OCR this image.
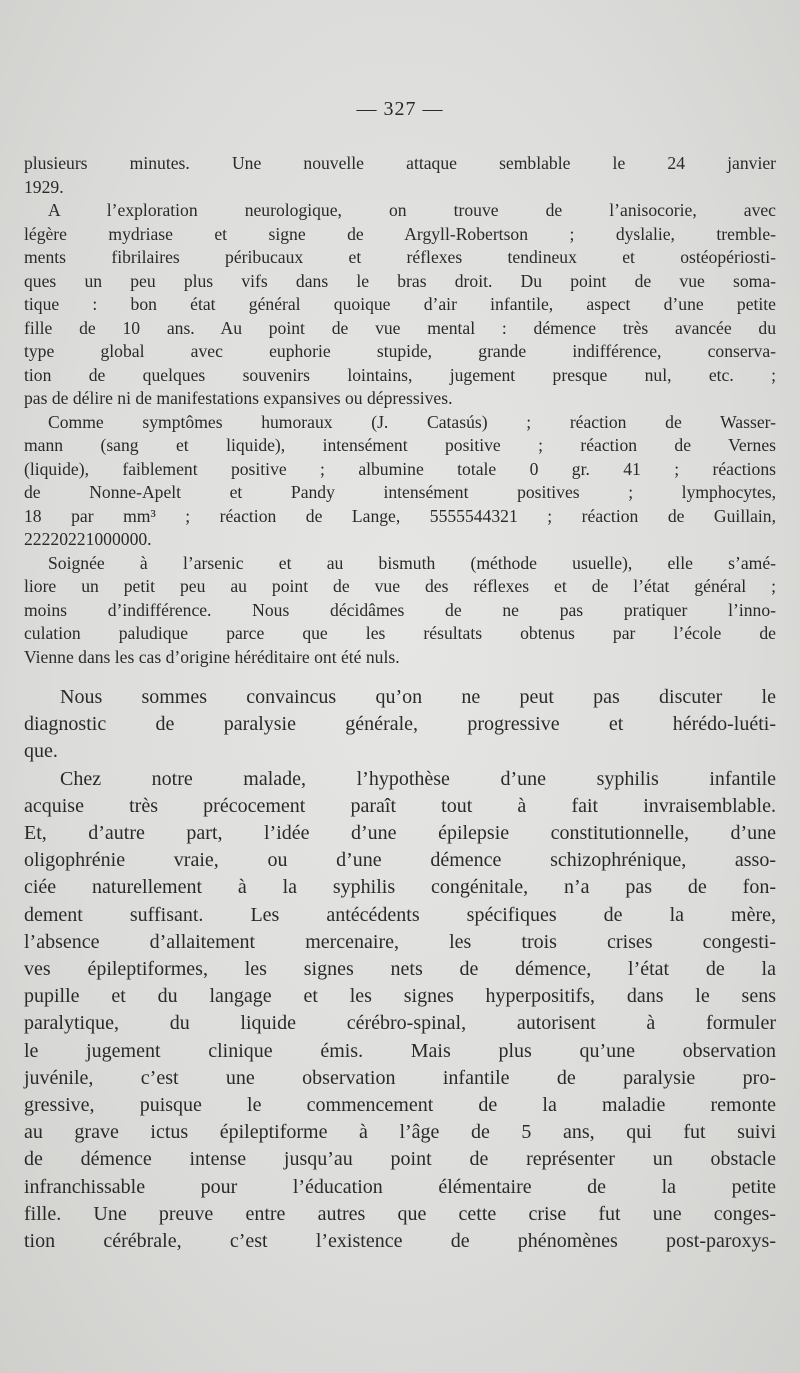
— 327 —
plusieurs minutes. Une nouvelle attaque semblable le 24 janvier
1929.
A l’exploration neurologique, on trouve de l’anisocorie, avec
légère mydriase et signe de Argyll-Robertson ; dyslalie, tremble-
ments fibrilaires péribucaux et réflexes tendineux et ostéopériosti-
ques un peu plus vifs dans le bras droit. Du point de vue soma-
tique : bon état général quoique d’air infantile, aspect d’une petite
fille de 10 ans. Au point de vue mental : démence très avancée du
type global avec euphorie stupide, grande indifférence, conserva-
tion de quelques souvenirs lointains, jugement presque nul, etc. ;
pas de délire ni de manifestations expansives ou dépressives.
Comme symptômes humoraux (J. Catasús) ; réaction de Wasser-
mann (sang et liquide), intensément positive ; réaction de Vernes
(liquide), faiblement positive ; albumine totale 0 gr. 41 ; réactions
de Nonne-Apelt et Pandy intensément positives ; lymphocytes,
18 par mm³ ; réaction de Lange, 5555544321 ; réaction de Guillain,
22220221000000.
Soignée à l’arsenic et au bismuth (méthode usuelle), elle s’amé-
liore un petit peu au point de vue des réflexes et de l’état général ;
moins d’indifférence. Nous décidâmes de ne pas pratiquer l’inno-
culation paludique parce que les résultats obtenus par l’école de
Vienne dans les cas d’origine héréditaire ont été nuls.
Nous sommes convaincus qu’on ne peut pas discuter le
diagnostic de paralysie générale, progressive et hérédo-luéti-
que.
Chez notre malade, l’hypothèse d’une syphilis infantile
acquise très précocement paraît tout à fait invraisemblable.
Et, d’autre part, l’idée d’une épilepsie constitutionnelle, d’une
oligophrénie vraie, ou d’une démence schizophrénique, asso-
ciée naturellement à la syphilis congénitale, n’a pas de fon-
dement suffisant. Les antécédents spécifiques de la mère,
l’absence d’allaitement mercenaire, les trois crises congesti-
ves épileptiformes, les signes nets de démence, l’état de la
pupille et du langage et les signes hyperpositifs, dans le sens
paralytique, du liquide cérébro-spinal, autorisent à formuler
le jugement clinique émis. Mais plus qu’une observation
juvénile, c’est une observation infantile de paralysie pro-
gressive, puisque le commencement de la maladie remonte
au grave ictus épileptiforme à l’âge de 5 ans, qui fut suivi
de démence intense jusqu’au point de représenter un obstacle
infranchissable pour l’éducation élémentaire de la petite
fille. Une preuve entre autres que cette crise fut une conges-
tion cérébrale, c’est l’existence de phénomènes post-paroxys-
